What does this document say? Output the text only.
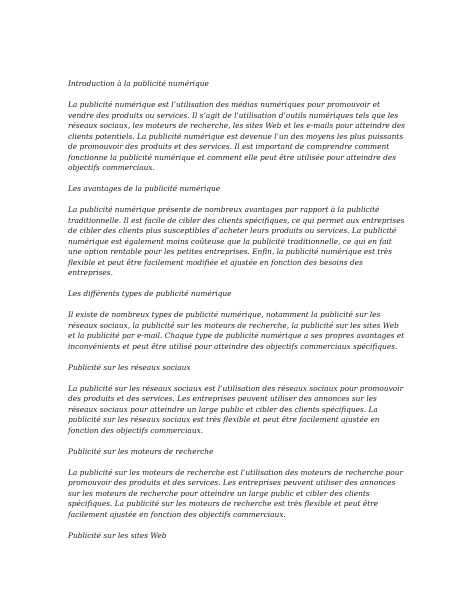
Introduction à la publicité numérique

La publicité numérique est l’utilisation des médias numériques pour promouvoir et vendre des produits ou services. Il s’agit de l’utilisation d’outils numériques tels que les réseaux sociaux, les moteurs de recherche, les sites Web et les e-mails pour atteindre des clients potentiels. La publicité numérique est devenue l’un des moyens les plus puissants de promouvoir des produits et des services. Il est important de comprendre comment fonctionne la publicité numérique et comment elle peut être utilisée pour atteindre des objectifs commerciaux.

Les avantages de la publicité numérique

La publicité numérique présente de nombreux avantages par rapport à la publicité traditionnelle. Il est facile de cibler des clients spécifiques, ce qui permet aux entreprises de cibler des clients plus susceptibles d’acheter leurs produits ou services. La publicité numérique est également moins coûteuse que la publicité traditionnelle, ce qui en fait une option rentable pour les petites entreprises. Enfin, la publicité numérique est très flexible et peut être facilement modifiée et ajustée en fonction des besoins des entreprises.

Les différents types de publicité numérique

Il existe de nombreux types de publicité numérique, notamment la publicité sur les réseaux sociaux, la publicité sur les moteurs de recherche, la publicité sur les sites Web et la publicité par e-mail. Chaque type de publicité numérique a ses propres avantages et inconvénients et peut être utilisé pour atteindre des objectifs commerciaux spécifiques.

Publicité sur les réseaux sociaux

La publicité sur les réseaux sociaux est l’utilisation des réseaux sociaux pour promouvoir des produits et des services. Les entreprises peuvent utiliser des annonces sur les réseaux sociaux pour atteindre un large public et cibler des clients spécifiques. La publicité sur les réseaux sociaux est très flexible et peut être facilement ajustée en fonction des objectifs commerciaux.

Publicité sur les moteurs de recherche

La publicité sur les moteurs de recherche est l’utilisation des moteurs de recherche pour promouvoir des produits et des services. Les entreprises peuvent utiliser des annonces sur les moteurs de recherche pour atteindre un large public et cibler des clients spécifiques. La publicité sur les moteurs de recherche est très flexible et peut être facilement ajustée en fonction des objectifs commerciaux.

Publicité sur les sites Web
